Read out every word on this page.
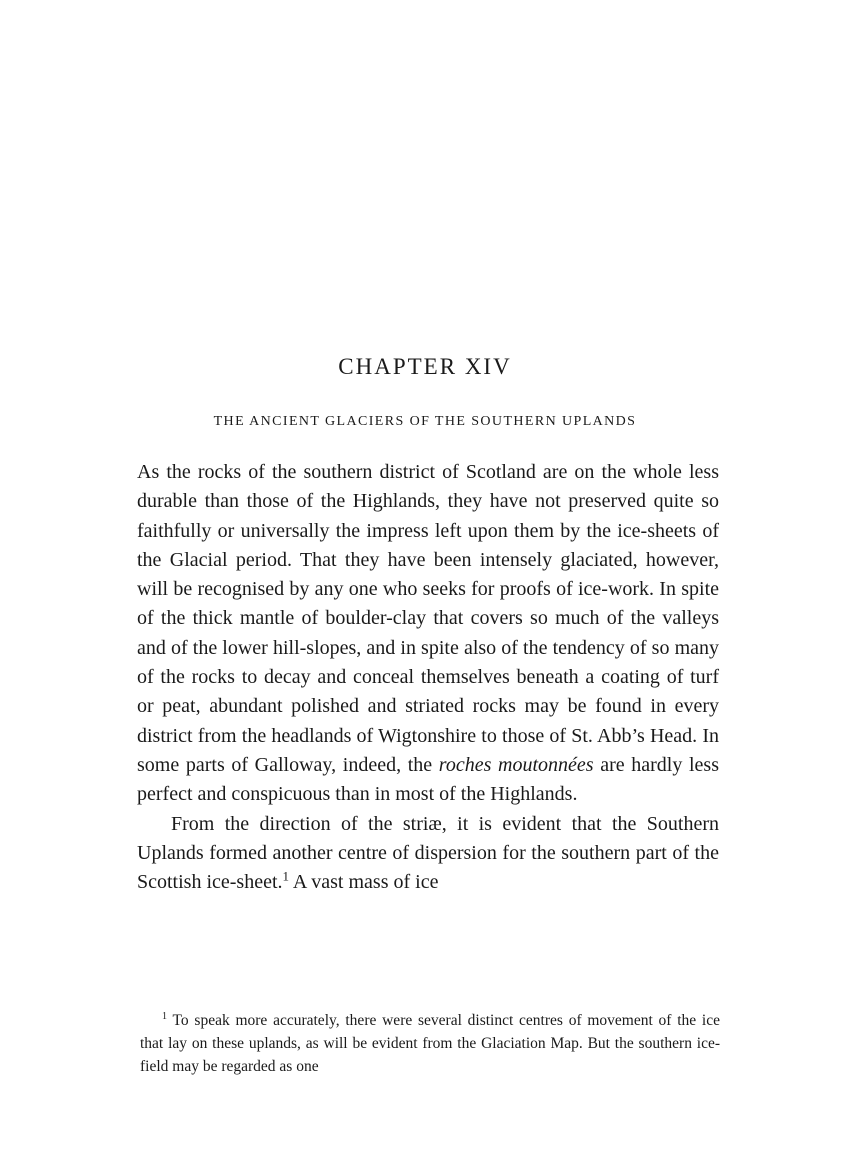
CHAPTER XIV
THE ANCIENT GLACIERS OF THE SOUTHERN UPLANDS

As the rocks of the southern district of Scotland are on the whole less durable than those of the Highlands, they have not preserved quite so faithfully or universally the impress left upon them by the ice-sheets of the Glacial period. That they have been intensely glaciated, however, will be recognised by any one who seeks for proofs of ice-work. In spite of the thick mantle of boulder-clay that covers so much of the valleys and of the lower hill-slopes, and in spite also of the tendency of so many of the rocks to decay and conceal themselves beneath a coating of turf or peat, abundant polished and striated rocks may be found in every district from the headlands of Wigtonshire to those of St. Abb’s Head. In some parts of Galloway, indeed, the roches moutonnées are hardly less perfect and conspicuous than in most of the Highlands.

From the direction of the striæ, it is evident that the Southern Uplands formed another centre of dispersion for the southern part of the Scottish ice-sheet.$^1$ A vast mass of ice

$^1$ To speak more accurately, there were several distinct centres of movement of the ice that lay on these uplands, as will be evident from the Glaciation Map. But the southern ice-field may be regarded as one
